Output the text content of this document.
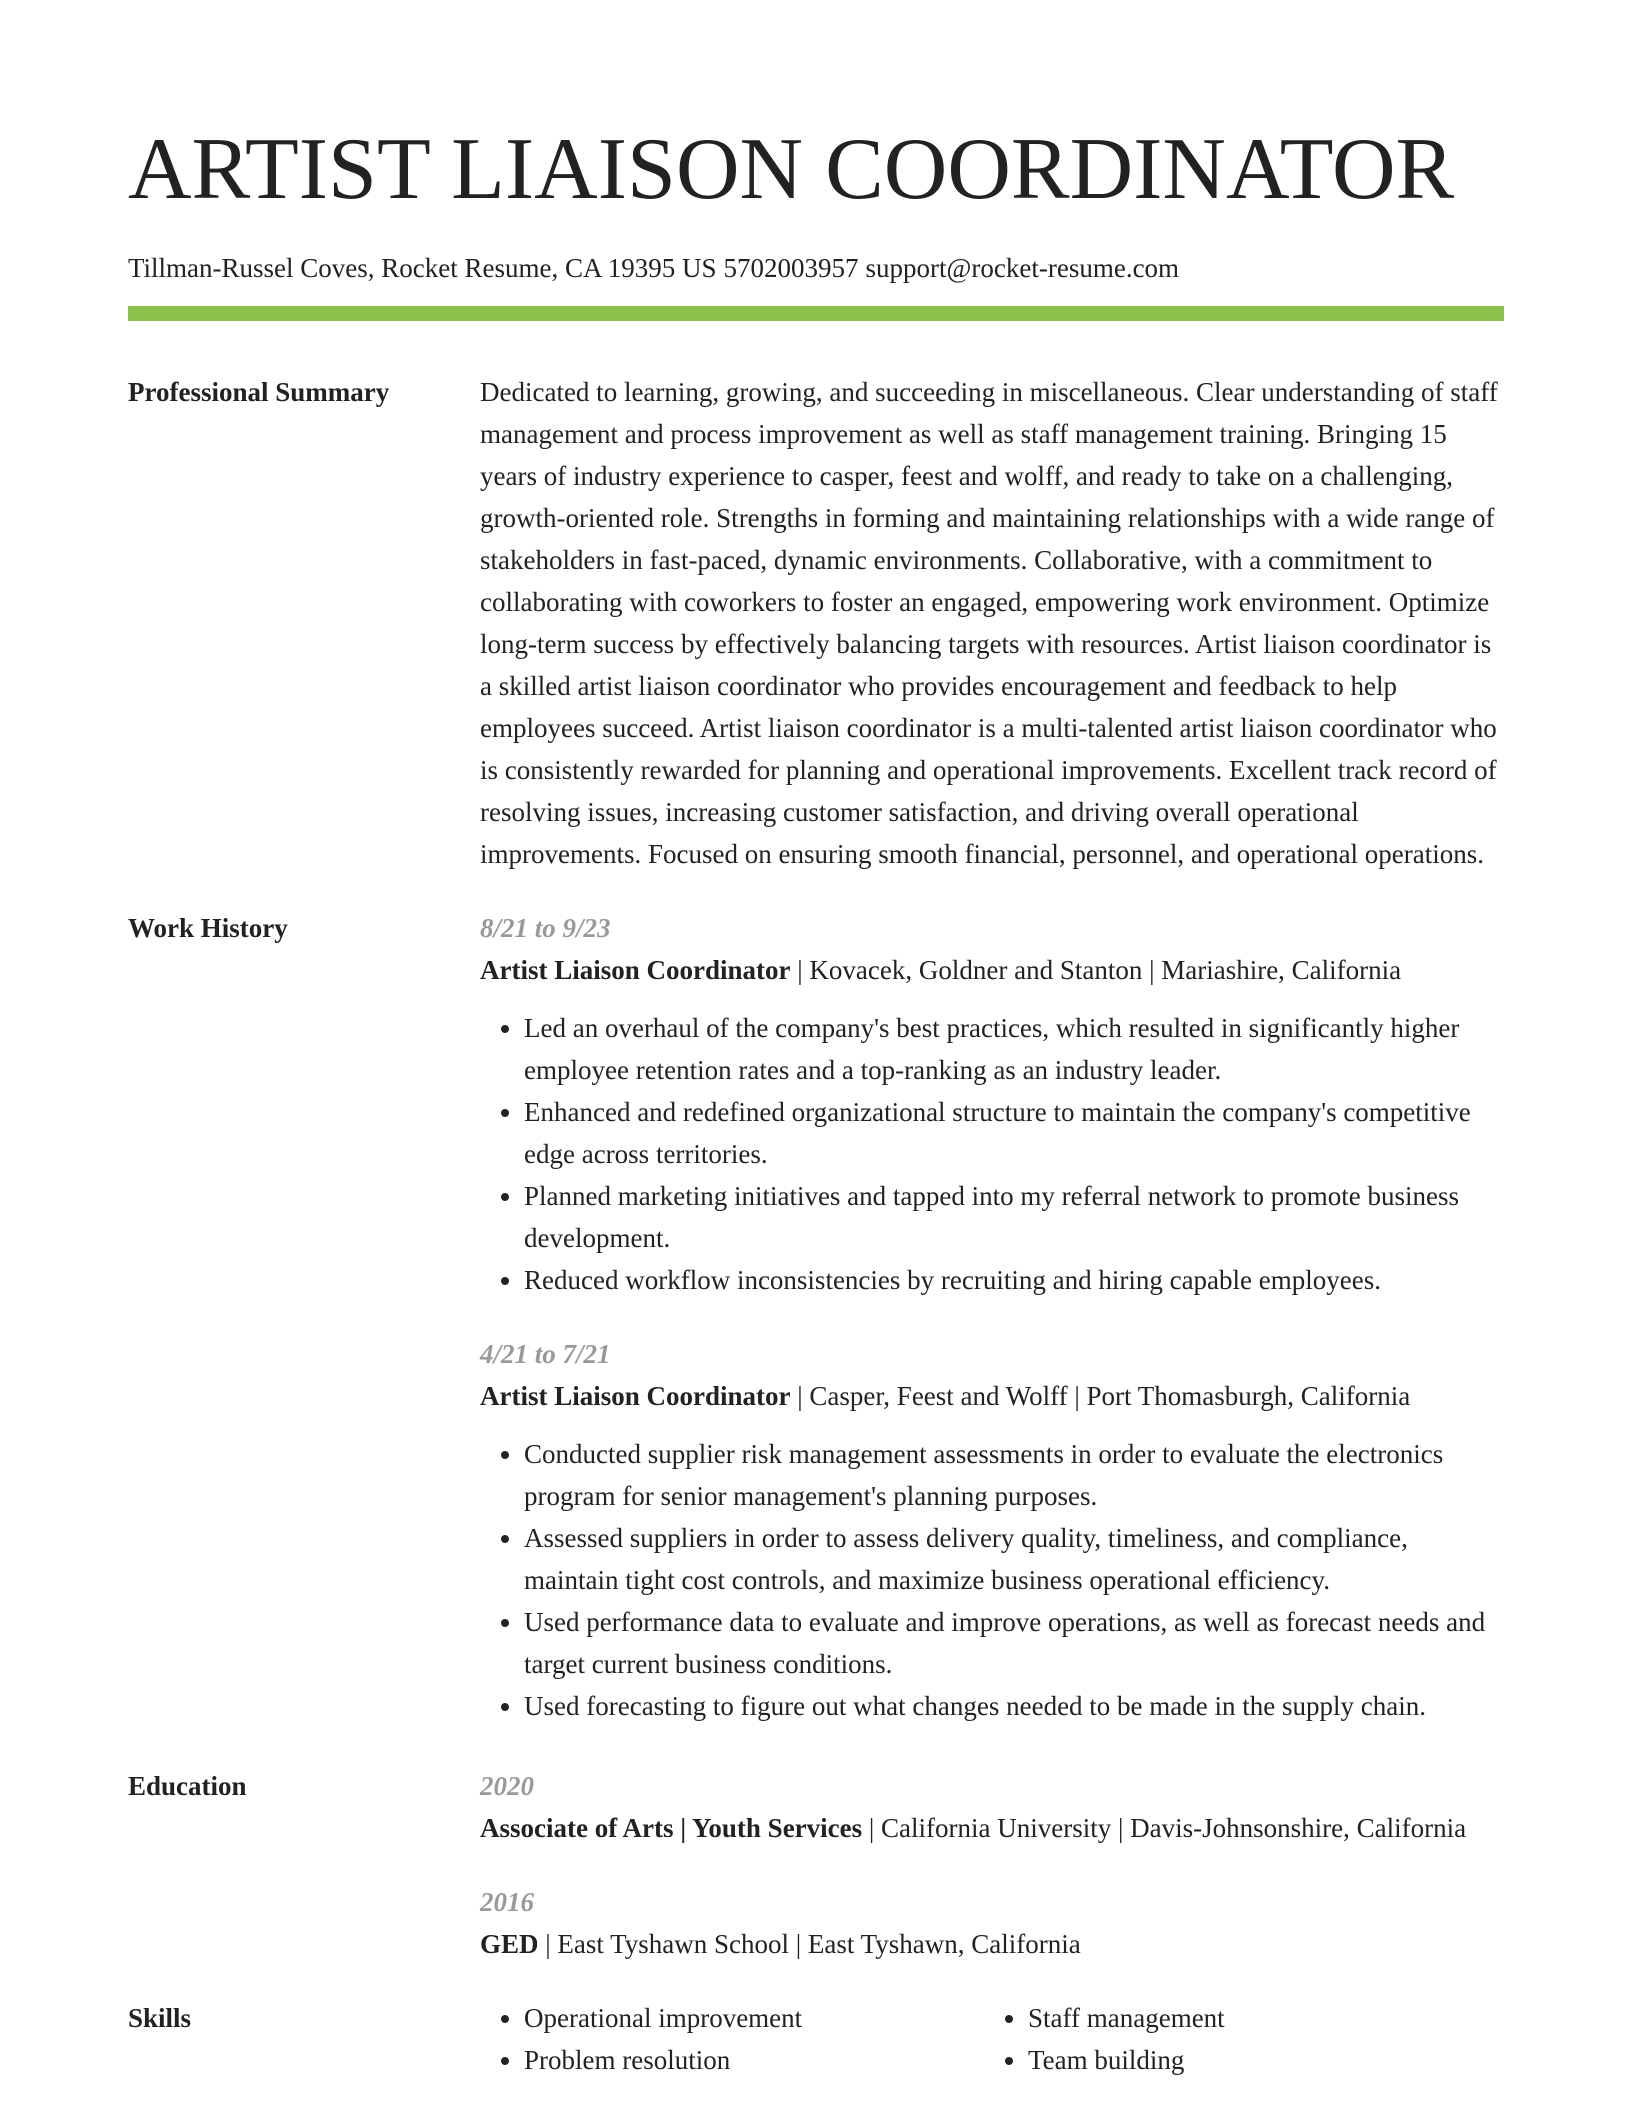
ARTIST LIAISON COORDINATOR
Tillman-Russel Coves, Rocket Resume, CA 19395 US 5702003957 support@rocket-resume.com
Professional Summary	Dedicated to learning, growing, and succeeding in miscellaneous. Clear understanding of staff management and process improvement as well as staff management training. Bringing 15 years of industry experience to casper, feest and wolff, and ready to take on a challenging, growth-oriented role. Strengths in forming and maintaining relationships with a wide range of stakeholders in fast-paced, dynamic environments. Collaborative, with a commitment to collaborating with coworkers to foster an engaged, empowering work environment. Optimize long-term success by effectively balancing targets with resources. Artist liaison coordinator is a skilled artist liaison coordinator who provides encouragement and feedback to help employees succeed. Artist liaison coordinator is a multi-talented artist liaison coordinator who is consistently rewarded for planning and operational improvements. Excellent track record of resolving issues, increasing customer satisfaction, and driving overall operational improvements. Focused on ensuring smooth financial, personnel, and operational operations.

Work History	8/21 to 9/23
Artist Liaison Coordinator | Kovacek, Goldner and Stanton | Mariashire, California
• Led an overhaul of the company's best practices, which resulted in significantly higher employee retention rates and a top-ranking as an industry leader.
• Enhanced and redefined organizational structure to maintain the company's competitive edge across territories.
• Planned marketing initiatives and tapped into my referral network to promote business development.
• Reduced workflow inconsistencies by recruiting and hiring capable employees.
4/21 to 7/21
Artist Liaison Coordinator | Casper, Feest and Wolff | Port Thomasburgh, California
• Conducted supplier risk management assessments in order to evaluate the electronics program for senior management's planning purposes.
• Assessed suppliers in order to assess delivery quality, timeliness, and compliance, maintain tight cost controls, and maximize business operational efficiency.
• Used performance data to evaluate and improve operations, as well as forecast needs and target current business conditions.
• Used forecasting to figure out what changes needed to be made in the supply chain.
Education	2020
Associate of Arts | Youth Services | California University | Davis-Johnsonshire, California
2016
GED | East Tyshawn School | East Tyshawn, California
Skills
•	Operational improvement
• Problem resolution
• Staff management
• Team building
